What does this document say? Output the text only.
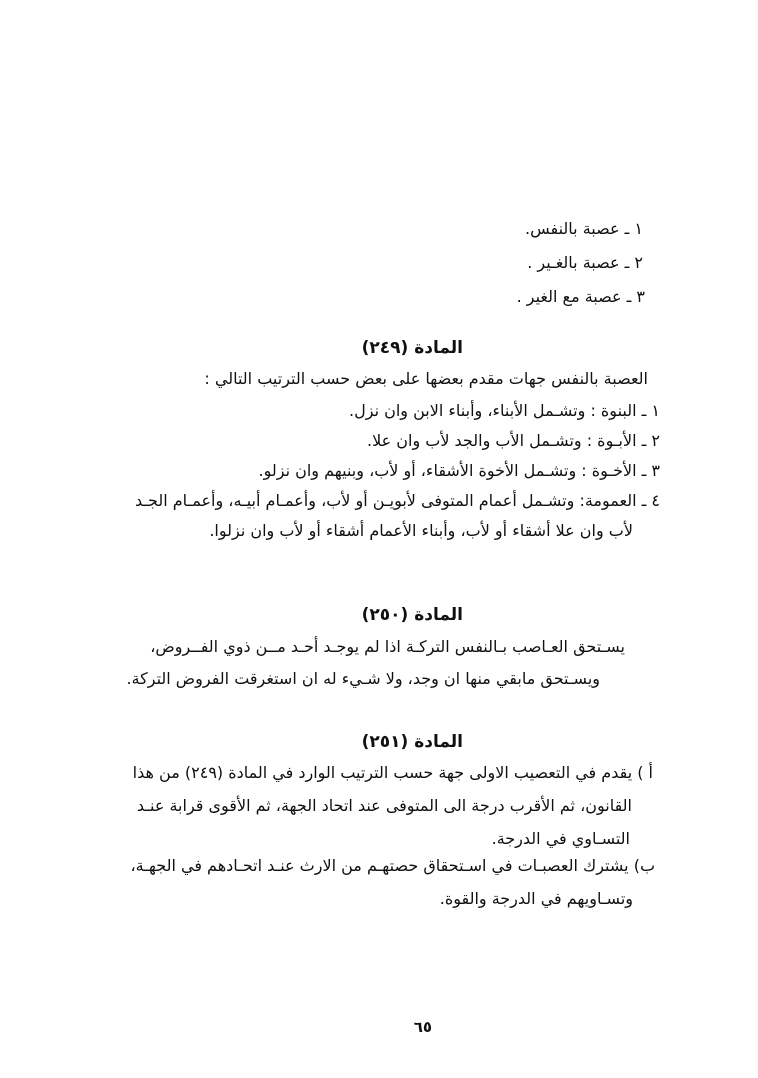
١ ـ عصبة بالنفس.
٢ ـ عصبة بالغـير .
٣ ـ عصبة مع الغير .
المادة (٢٤٩)
العصبة بالنفس جهات مقدم بعضها على بعض حسب الترتيب التالي :
١ ـ البنوة : وتشـمل الأبناء، وأبناء الابن وان نزل.
٢ ـ الأبـوة : وتشـمل الأب والجد لأب وان علا.
٣ ـ الأخـوة : وتشـمل الأخوة الأشقاء، أو لأب، وبنيهم وان نزلو.
٤ ـ العمومة: وتشـمل أعمام المتوفى لأبويـن أو لأب، وأعمـام أبيـه، وأعمـام الجـد
لأب وان علا أشقاء أو لأب، وأبناء الأعمام أشقاء أو لأب وان نزلوا.
المادة (٢٥٠)
يسـتحق العـاصب بـالنفس التركـة اذا لم يوجـد أحـد مــن ذوي الفــروض،
ويسـتحق مابقي منها ان وجد، ولا شـيء له ان استغرقت الفروض التركة.
المادة (٢٥١)
أ ) يقدم في التعصيب الاولى جهة حسب الترتيب الوارد في المادة (٢٤٩) من هذا
القانون، ثم الأقرب درجة الى المتوفى عند اتحاد الجهة، ثم الأقوى قرابة عنـد
التسـاوي في الدرجة.
ب) يشترك العصبـات في اسـتحقاق حصتهـم من الارث عنـد اتحـادهم في الجهـة،
وتسـاويهم في الدرجة والقوة.
٦٥
